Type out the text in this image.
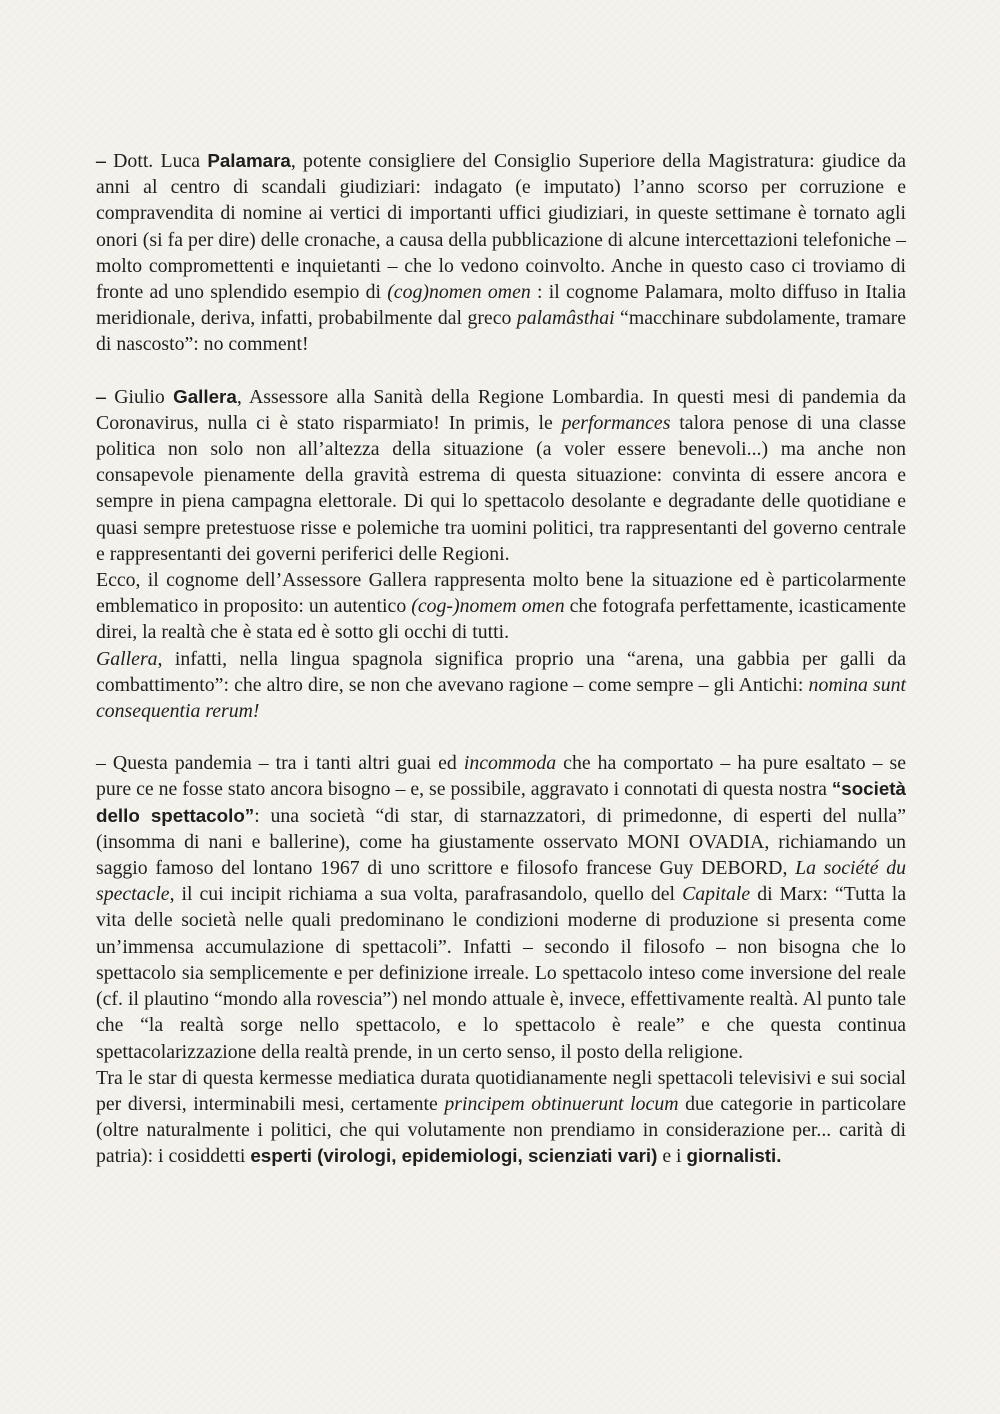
– Dott. Luca Palamara, potente consigliere del Consiglio Superiore della Magistratura: giudice da anni al centro di scandali giudiziari: indagato (e imputato) l’anno scorso per corruzione e compravendita di nomine ai vertici di importanti uffici giudiziari, in queste settimane è tornato agli onori (si fa per dire) delle cronache, a causa della pubblicazione di alcune intercettazioni telefoniche – molto compromettenti e inquietanti – che lo vedono coinvolto. Anche in questo caso ci troviamo di fronte ad uno splendido esempio di (cog)nomen omen : il cognome Palamara, molto diffuso in Italia meridionale, deriva, infatti, probabilmente dal greco palamâsthai “macchinare subdolamente, tramare di nascosto”: no comment!

– Giulio Gallera, Assessore alla Sanità della Regione Lombardia. In questi mesi di pandemia da Coronavirus, nulla ci è stato risparmiato! In primis, le performances talora penose di una classe politica non solo non all’altezza della situazione (a voler essere benevoli...) ma anche non consapevole pienamente della gravità estrema di questa situazione: convinta di essere ancora e sempre in piena campagna elettorale. Di qui lo spettacolo desolante e degradante delle quotidiane e quasi sempre pretestuose risse e polemiche tra uomini politici, tra rappresentanti del governo centrale e rappresentanti dei governi periferici delle Regioni.

Ecco, il cognome dell’Assessore Gallera rappresenta molto bene la situazione ed è particolarmente emblematico in proposito: un autentico (cog-)nomem omen che fotografa perfettamente, icasticamente direi, la realtà che è stata ed è sotto gli occhi di tutti.

Gallera, infatti, nella lingua spagnola significa proprio una “arena, una gabbia per galli da combattimento”: che altro dire, se non che avevano ragione – come sempre – gli Antichi: nomina sunt consequentia rerum!

– Questa pandemia – tra i tanti altri guai ed incommoda che ha comportato – ha pure esaltato – se pure ce ne fosse stato ancora bisogno – e, se possibile, aggravato i connotati di questa nostra “società dello spettacolo”: una società “di star, di starnazzatori, di primedonne, di esperti del nulla” (insomma di nani e ballerine), come ha giustamente osservato MONI OVADIA, richiamando un saggio famoso del lontano 1967 di uno scrittore e filosofo francese Guy DEBORD, La société du spectacle, il cui incipit richiama a sua volta, parafrasandolo, quello del Capitale di Marx: “Tutta la vita delle società nelle quali predominano le condizioni moderne di produzione si presenta come un’immensa accumulazione di spettacoli”. Infatti – secondo il filosofo – non bisogna che lo spettacolo sia semplicemente e per definizione irreale. Lo spettacolo inteso come inversione del reale (cf. il plautino “mondo alla rovescia”) nel mondo attuale è, invece, effettivamente realtà. Al punto tale che “la realtà sorge nello spettacolo, e lo spettacolo è reale” e che questa continua spettacolarizzazione della realtà prende, in un certo senso, il posto della religione.

Tra le star di questa kermesse mediatica durata quotidianamente negli spettacoli televisivi e sui social per diversi, interminabili mesi, certamente principem obtinuerunt locum due categorie in particolare (oltre naturalmente i politici, che qui volutamente non prendiamo in considerazione per... carità di patria): i cosiddetti esperti (virologi, epidemiologi, scienziati vari) e i giornalisti.
